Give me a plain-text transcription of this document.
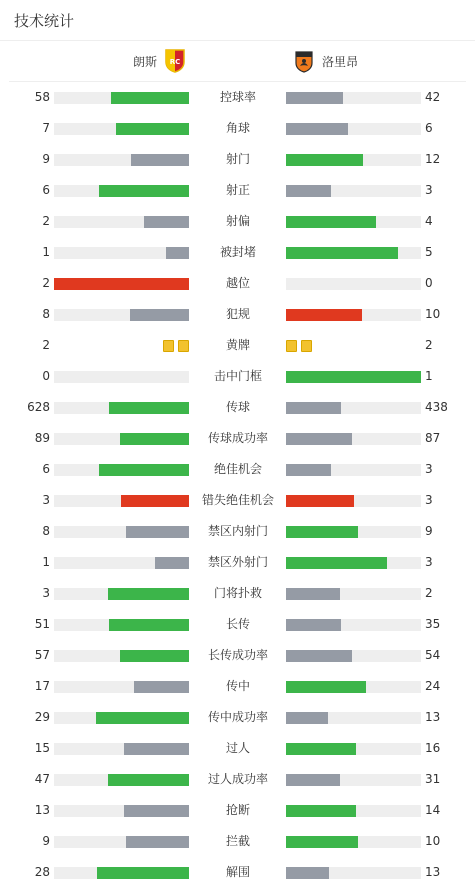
技术统计
朗斯 RC	洛里昂
58	控球率	42
7	角球	6
9	射门	12
6	射正	3
2	射偏	4
1	被封堵	5
2	越位	0
8	犯规	10
2	黄牌	2
0	击中门框	1
628	传球	438
89	传球成功率	87
6	绝佳机会	3
3	错失绝佳机会	3
8	禁区内射门	9
1	禁区外射门	3
3	门将扑救	2
51	长传	35
57	长传成功率	54
17	传中	24
29	传中成功率	13
15	过人	16
47	过人成功率	31
13	抢断	14
9	拦截	10
28	解围	13
